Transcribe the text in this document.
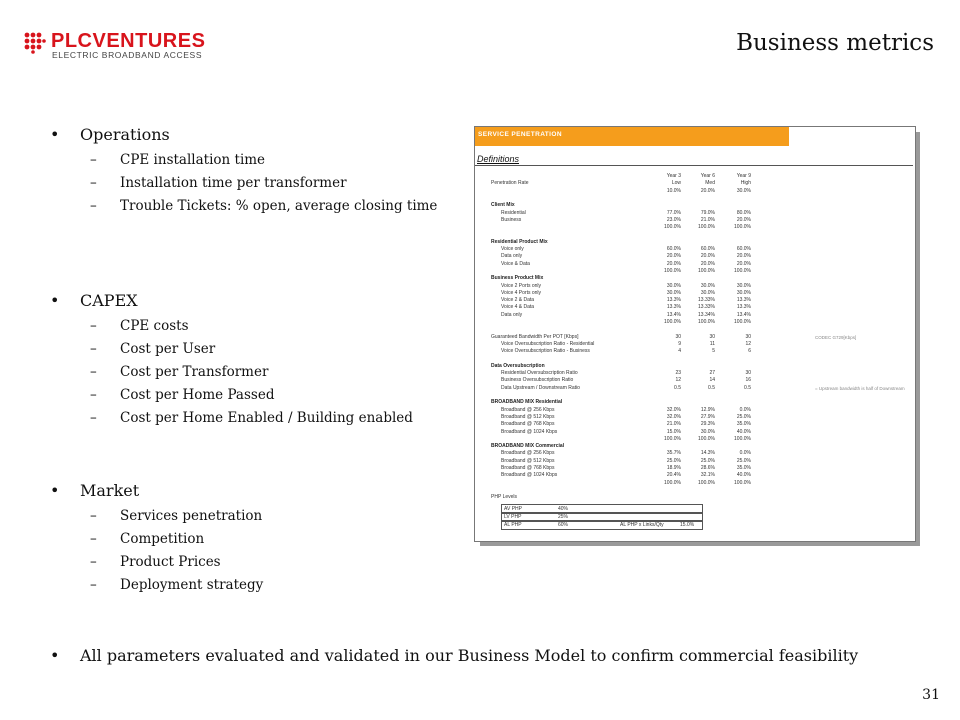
PLCVENTURES
ELECTRIC BROADBAND ACCESS	Business metrics
• Operations
– CPE installation time
– Installation time per transformer
– Trouble Tickets: % open, average closing time
• CAPEX
– CPE costs
– Cost per User
– Cost per Transformer
– Cost per Home Passed
– Cost per Home Enabled / Building enabled
• Market
– Services penetration
– Competition
– Product Prices
– Deployment strategy
SERVICE PENETRATION
Definitions
Year 3	Year 6	Year 9
Penetration Rate	Low	Med	High
10.0%	20.0%	30.0%
Client Mix
Residential	77.0%	79.0%	80.0%
Business	23.0%	21.0%	20.0%
100.0%	100.0%	100.0%
Residential Product Mix
Voice only	60.0%	60.0%	60.0%
Data only	20.0%	20.0%	20.0%
Voice & Data	20.0%	20.0%	20.0%
100.0%	100.0%	100.0%
Business Product Mix
Voice 2 Ports only	30.0%	30.0%	30.0%
Voice 4 Ports only	30.0%	30.0%	30.0%
Voice 2 & Data	13.3%	13.33%	13.3%
Voice 4 & Data	13.3%	13.33%	13.3%
Data only	13.4%	13.34%	13.4%
100.0%	100.0%	100.0%
Guaranteed Bandwidth Per POT [Kbps]	30	30	30	CODEC G729[Kbps]
Voice Oversubscription Ratio - Residential	9	11	12
Voice Oversubscription Ratio - Business	4	5	6
Data Oversubscription
Residential Oversubscription Ratio	23	27	30
Business Oversubscription Ratio	12	14	16
Data Upstream / Downstream Ratio	0.5	0.5	0.5	= Upstream bandwidth is half of Downstream
BROADBAND MIX Residential
Broadband @ 256 Kbps	32.0%	12.9%	0.0%
Broadband @ 512 Kbps	32.0%	27.9%	25.0%
Broadband @ 768 Kbps	21.0%	29.3%	35.0%
Broadband @ 1024 Kbps	15.0%	30.0%	40.0%
100.0%	100.0%	100.0%
BROADBAND MIX Commercial
Broadband @ 256 Kbps	35.7%	14.3%	0.0%
Broadband @ 512 Kbps	25.0%	25.0%	25.0%
Broadband @ 768 Kbps	18.9%	28.6%	35.0%
Broadband @ 1024 Kbps	20.4%	32.1%	40.0%
100.0%	100.0%	100.0%
PHP Levels
AV PHP	40%
LV PHP	25%
AL PHP	60%	AL PHP x Links/Qty	15.0%
• All parameters evaluated and validated in our Business Model to confirm commercial feasibility
31
